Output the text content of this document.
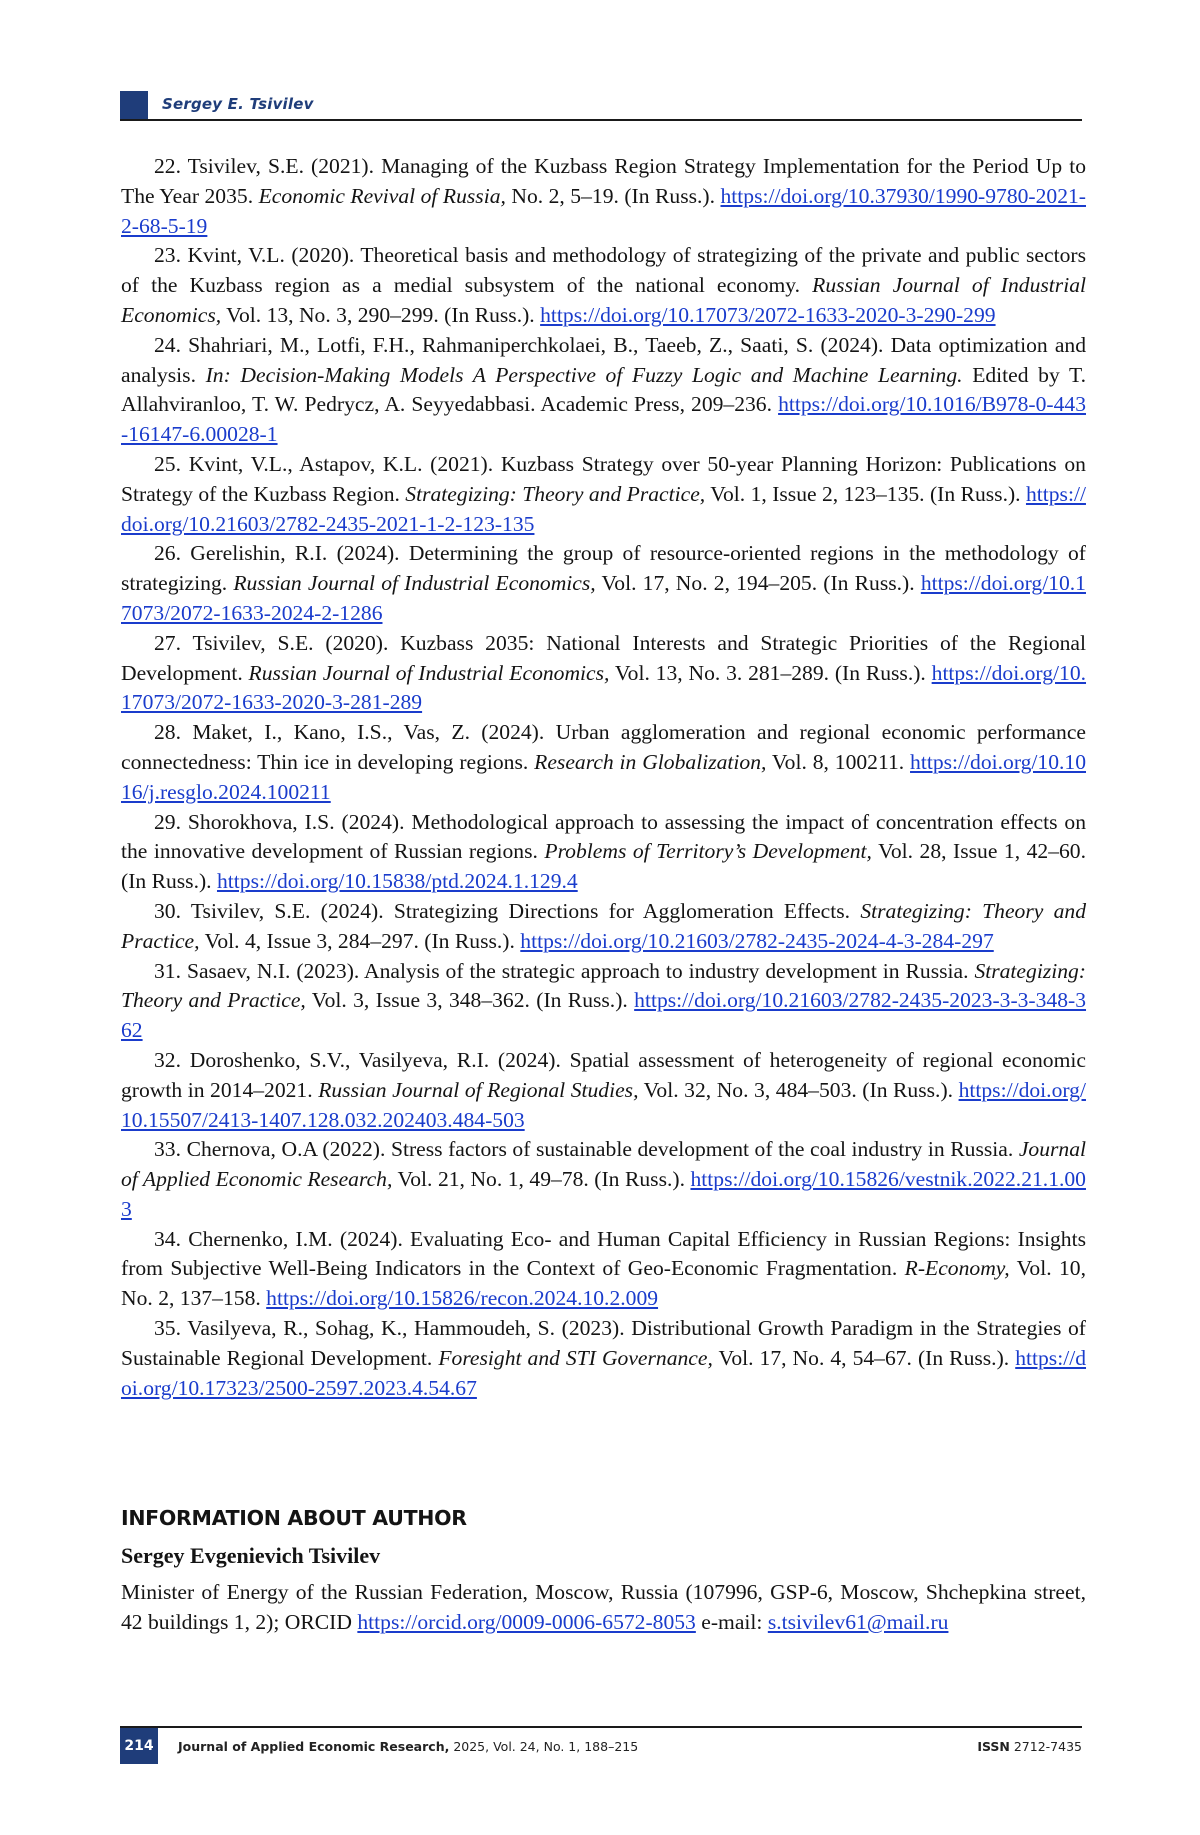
Sergey E. Tsivilev

22. Tsivilev, S.E. (2021). Managing of the Kuzbass Region Strategy Implementation for the Period Up to The Year 2035. Economic Revival of Russia, No. 2, 5–19. (In Russ.). https://doi.org/10.37930/1990-9780-2021-2-68-5-19

23. Kvint, V.L. (2020). Theoretical basis and methodology of strategizing of the private and public sectors of the Kuzbass region as a medial subsystem of the national economy. Russian Journal of Industrial Economics, Vol. 13, No. 3, 290–299. (In Russ.). https://doi.org/10.17073/2072-1633-2020-3-290-299

24. Shahriari, M., Lotfi, F.H., Rahmaniperchkolaei, B., Taeeb, Z., Saati, S. (2024). Data optimization and analysis. In: Decision-Making Models A Perspective of Fuzzy Logic and Machine Learning. Edited by T. Allahviranloo, T. W. Pedrycz, A. Seyyedabbasi. Academic Press, 209–236. https://doi.org/10.1016/B978-0-443-16147-6.00028-1

25. Kvint, V.L., Astapov, K.L. (2021). Kuzbass Strategy over 50-year Planning Horizon: Publications on Strategy of the Kuzbass Region. Strategizing: Theory and Practice, Vol. 1, Issue 2, 123–135. (In Russ.). https://doi.org/10.21603/2782-2435-2021-1-2-123-135

26. Gerelishin, R.I. (2024). Determining the group of resource-oriented regions in the methodology of strategizing. Russian Journal of Industrial Economics, Vol. 17, No. 2, 194–205. (In Russ.). https://doi.org/10.17073/2072-1633-2024-2-1286

27. Tsivilev, S.E. (2020). Kuzbass 2035: National Interests and Strategic Priorities of the Regional Development. Russian Journal of Industrial Economics, Vol. 13, No. 3. 281–289. (In Russ.). https://doi.org/10.17073/2072-1633-2020-3-281-289

28. Maket, I., Kano, I.S., Vas, Z. (2024). Urban agglomeration and regional economic performance connectedness: Thin ice in developing regions. Research in Globalization, Vol. 8, 100211. https://doi.org/10.1016/j.resglo.2024.100211

29. Shorokhova, I.S. (2024). Methodological approach to assessing the impact of concentration effects on the innovative development of Russian regions. Problems of Territory’s Development, Vol. 28, Issue 1, 42–60. (In Russ.). https://doi.org/10.15838/ptd.2024.1.129.4

30. Tsivilev, S.E. (2024). Strategizing Directions for Agglomeration Effects. Strategizing: Theory and Practice, Vol. 4, Issue 3, 284–297. (In Russ.). https://doi.org/10.21603/2782-2435-2024-4-3-284-297

31. Sasaev, N.I. (2023). Analysis of the strategic approach to industry development in Russia. Strategizing: Theory and Practice, Vol. 3, Issue 3, 348–362. (In Russ.). https://doi.org/10.21603/2782-2435-2023-3-3-348-362

32. Doroshenko, S.V., Vasilyeva, R.I. (2024). Spatial assessment of heterogeneity of regional economic growth in 2014–2021. Russian Journal of Regional Studies, Vol. 32, No. 3, 484–503. (In Russ.). https://doi.org/10.15507/2413-1407.128.032.202403.484-503

33. Chernova, O.A (2022). Stress factors of sustainable development of the coal industry in Russia. Journal of Applied Economic Research, Vol. 21, No. 1, 49–78. (In Russ.). https://doi.org/10.15826/vestnik.2022.21.1.003

34. Chernenko, I.M. (2024). Evaluating Eco- and Human Capital Efficiency in Russian Regions: Insights from Subjective Well-Being Indicators in the Context of Geo-Economic Fragmentation. R-Economy, Vol. 10, No. 2, 137–158. https://doi.org/10.15826/recon.2024.10.2.009

35. Vasilyeva, R., Sohag, K., Hammoudeh, S. (2023). Distributional Growth Paradigm in the Strategies of Sustainable Regional Development. Foresight and STI Governance, Vol. 17, No. 4, 54–67. (In Russ.). https://doi.org/10.17323/2500-2597.2023.4.54.67

INFORMATION ABOUT AUTHOR
Sergey Evgenievich Tsivilev

Minister of Energy of the Russian Federation, Moscow, Russia (107996, GSP-6, Moscow, Shchepkina street, 42 buildings 1, 2); ORCID https://orcid.org/0009-0006-6572-8053 e-mail: s.tsivilev61@mail.ru

214	Journal of Applied Economic Research, 2025, Vol. 24, No. 1, 188–215	ISSN 2712-7435
